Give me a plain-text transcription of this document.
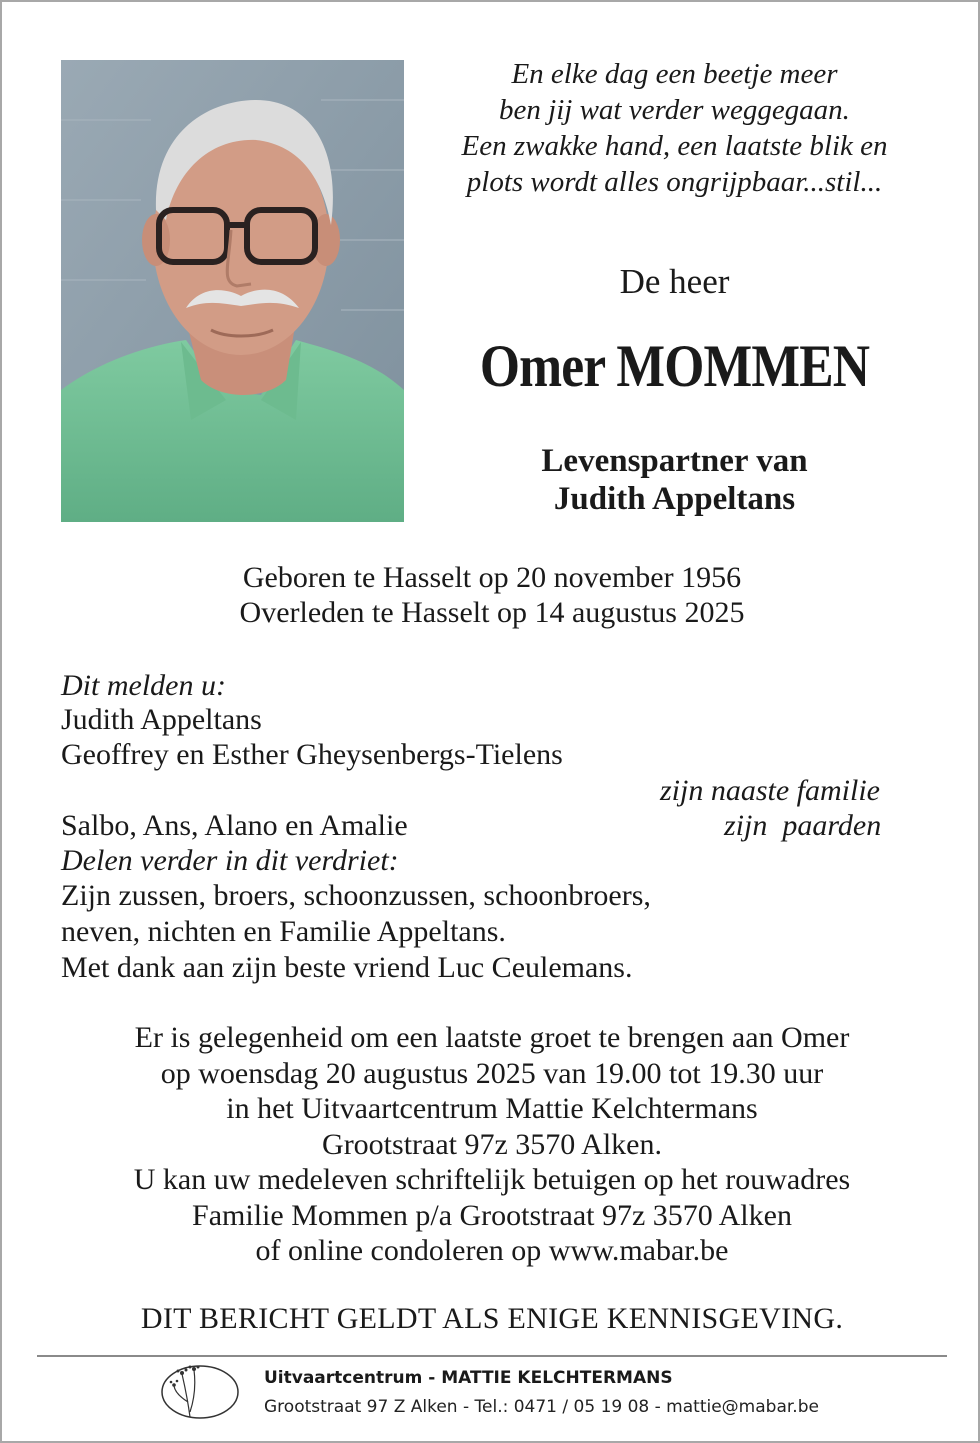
En elke dag een beetje meer
ben jij wat verder weggegaan.
Een zwakke hand, een laatste blik en
plots wordt alles ongrijpbaar...stil...
De heer
Omer MOMMEN
Levenspartner van
Judith Appeltans
Geboren te Hasselt op 20 november 1956
Overleden te Hasselt op 14 augustus 2025
Dit melden u:
Judith Appeltans
Geoffrey en Esther Gheysenbergs-Tielens
zijn naaste familie
Salbo, Ans, Alano en Amalie	zijn  paarden
Delen verder in dit verdriet:
Zijn zussen, broers, schoonzussen, schoonbroers,
neven, nichten en Familie Appeltans.
Met dank aan zijn beste vriend Luc Ceulemans.
Er is gelegenheid om een laatste groet te brengen aan Omer
op woensdag 20 augustus 2025 van 19.00 tot 19.30 uur
in het Uitvaartcentrum Mattie Kelchtermans
Grootstraat 97z 3570 Alken.
U kan uw medeleven schriftelijk betuigen op het rouwadres
Familie Mommen p/a Grootstraat 97z 3570 Alken
of online condoleren op www.mabar.be
DIT BERICHT GELDT ALS ENIGE KENNISGEVING.
Uitvaartcentrum - MATTIE KELCHTERMANS
Grootstraat 97 Z Alken - Tel.: 0471 / 05 19 08 - mattie@mabar.be
